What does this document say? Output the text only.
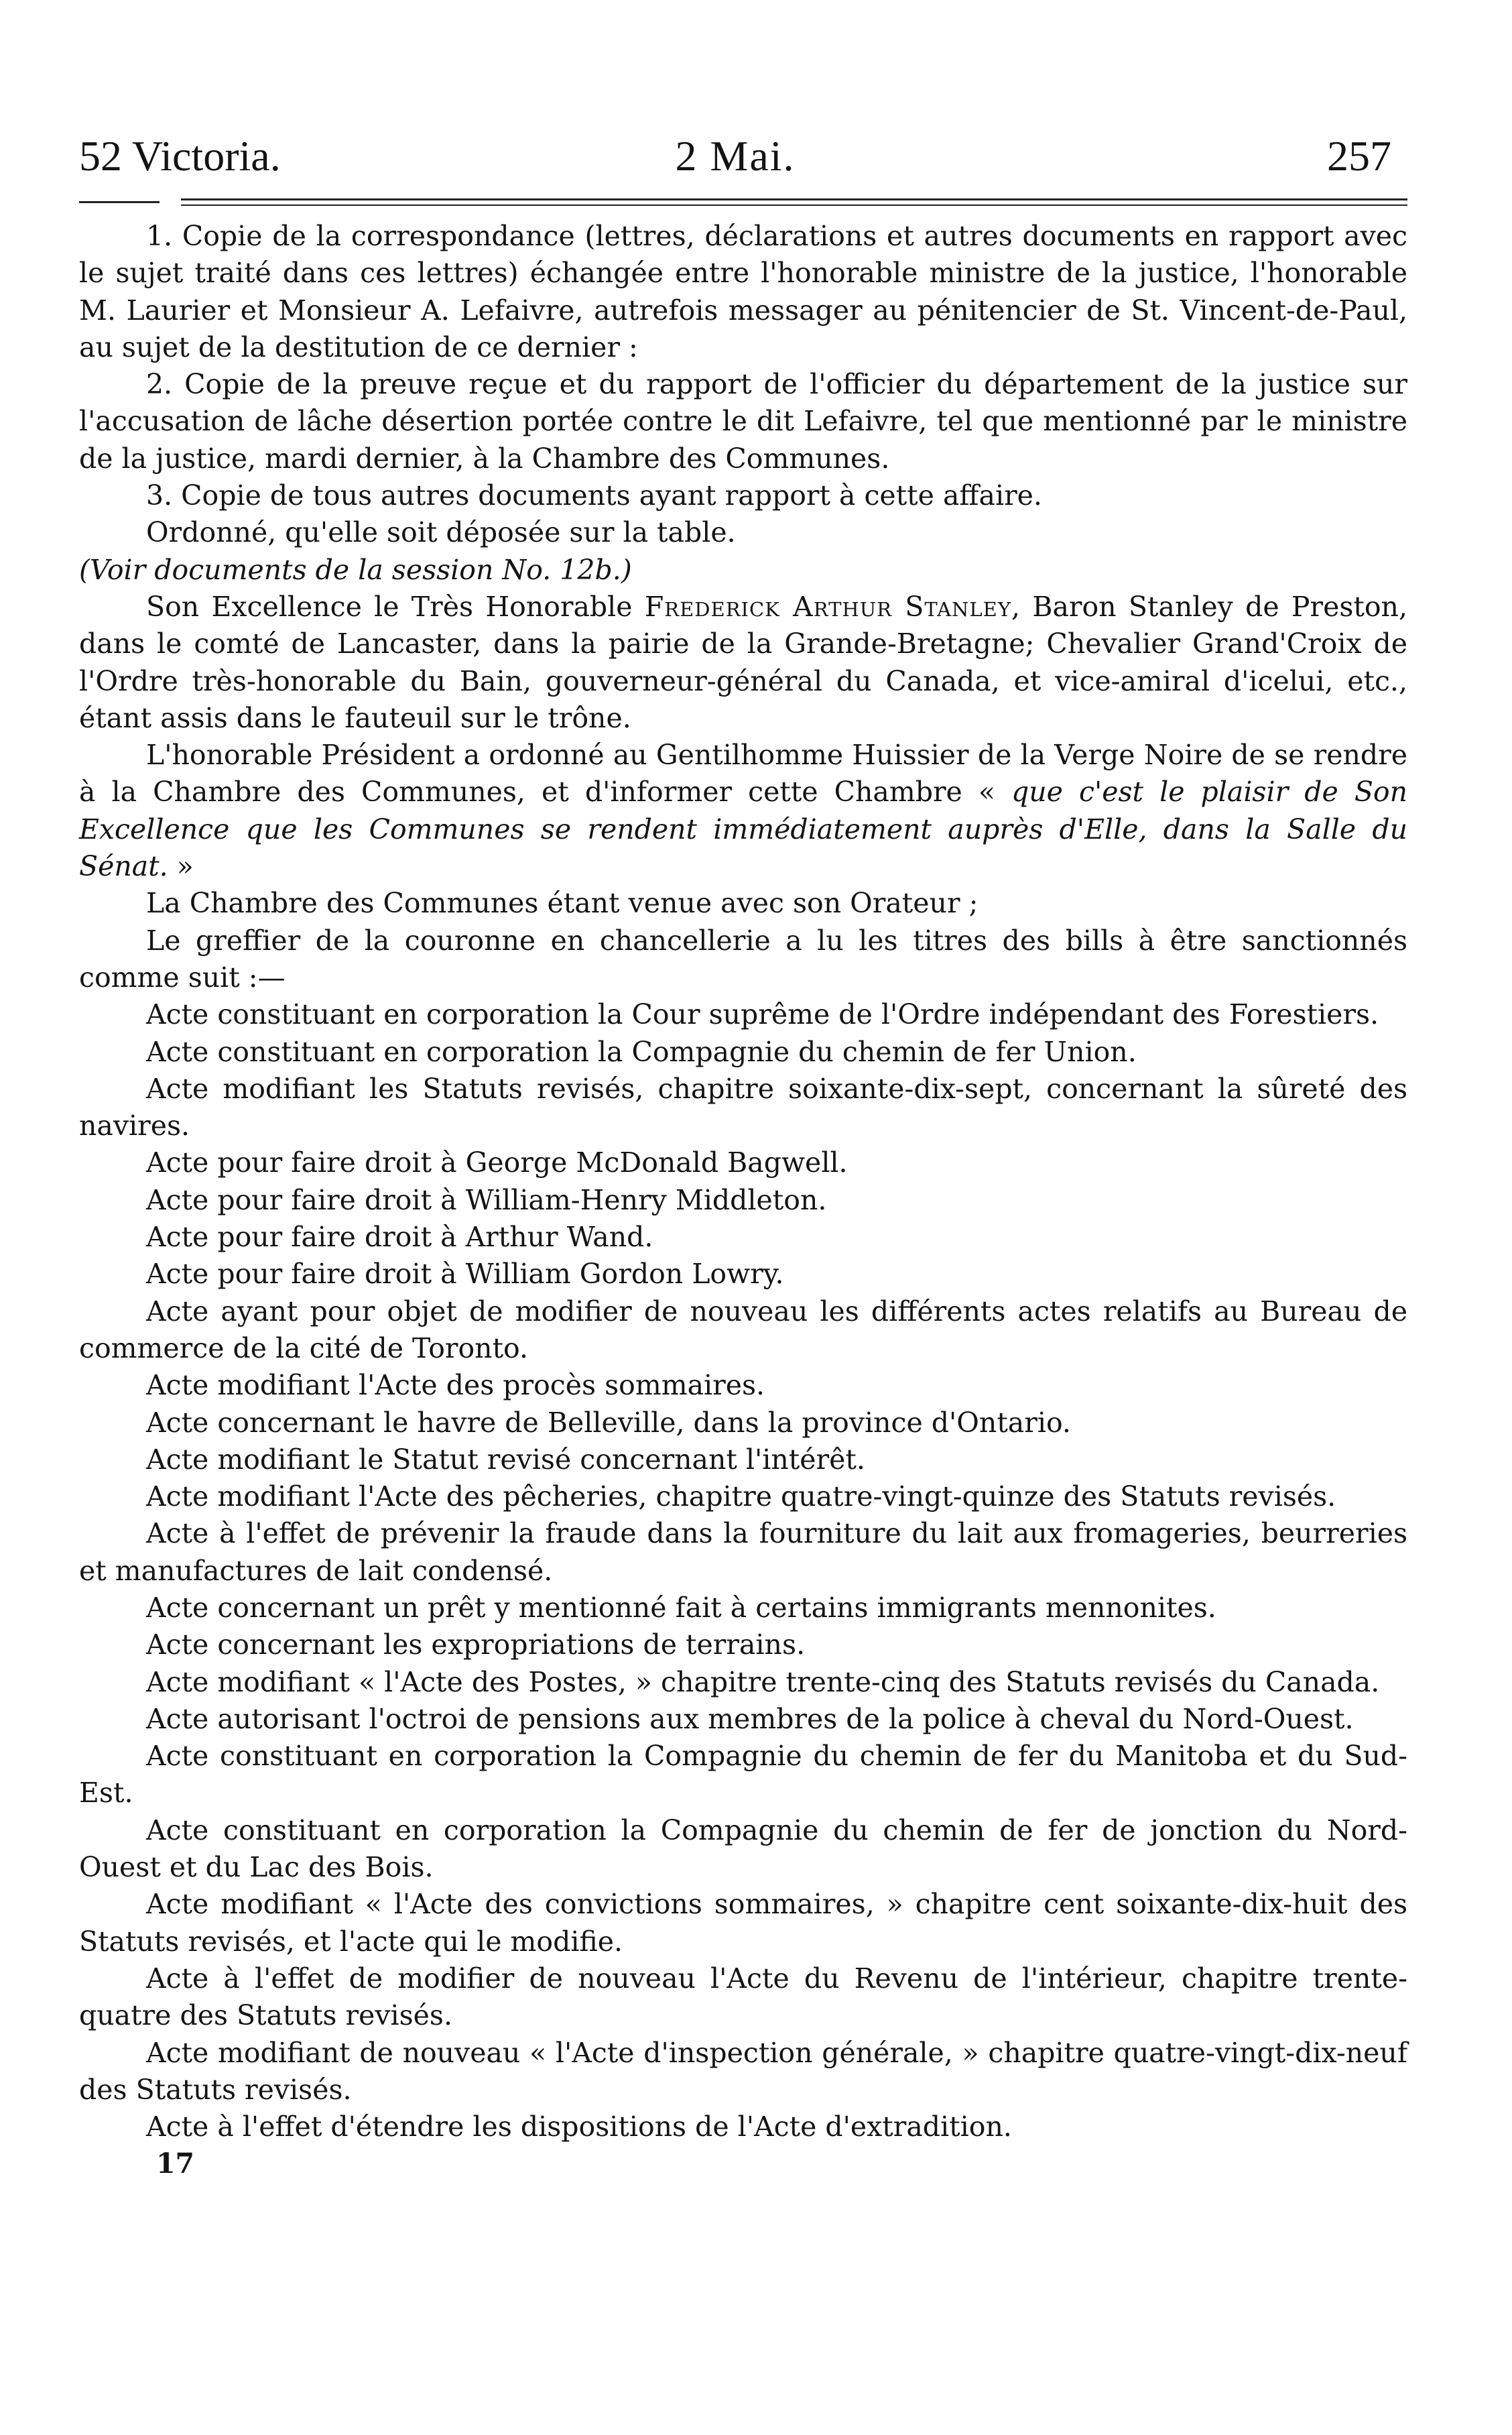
52 Victoria.	2 Mai.	257

1. Copie de la correspondance (lettres, déclarations et autres documents en rapport avec le sujet traité dans ces lettres) échangée entre l'honorable ministre de la justice, l'honorable M. Laurier et Monsieur A. Lefaivre, autrefois messager au pénitencier de St. Vincent-de-Paul, au sujet de la destitution de ce dernier :

2. Copie de la preuve reçue et du rapport de l'officier du département de la justice sur l'accusation de lâche désertion portée contre le dit Lefaivre, tel que mentionné par le ministre de la justice, mardi dernier, à la Chambre des Communes.

3. Copie de tous autres documents ayant rapport à cette affaire.

Ordonné, qu'elle soit déposée sur la table.

(Voir documents de la session No. 12b.)

Son Excellence le Très Honorable Frederick Arthur Stanley, Baron Stanley de Preston, dans le comté de Lancaster, dans la pairie de la Grande-Bretagne; Chevalier Grand'Croix de l'Ordre très-honorable du Bain, gouverneur-général du Canada, et vice-amiral d'icelui, etc., étant assis dans le fauteuil sur le trône.

L'honorable Président a ordonné au Gentilhomme Huissier de la Verge Noire de se rendre à la Chambre des Communes, et d'informer cette Chambre « que c'est le plaisir de Son Excellence que les Communes se rendent immédiatement auprès d'Elle, dans la Salle du Sénat. »

La Chambre des Communes étant venue avec son Orateur ;

Le greffier de la couronne en chancellerie a lu les titres des bills à être sanctionnés comme suit :—

Acte constituant en corporation la Cour suprême de l'Ordre indépendant des Forestiers.

Acte constituant en corporation la Compagnie du chemin de fer Union.

Acte modifiant les Statuts revisés, chapitre soixante-dix-sept, concernant la sûreté des navires.

Acte pour faire droit à George McDonald Bagwell.

Acte pour faire droit à William-Henry Middleton.

Acte pour faire droit à Arthur Wand.

Acte pour faire droit à William Gordon Lowry.

Acte ayant pour objet de modifier de nouveau les différents actes relatifs au Bureau de commerce de la cité de Toronto.

Acte modifiant l'Acte des procès sommaires.

Acte concernant le havre de Belleville, dans la province d'Ontario.

Acte modifiant le Statut revisé concernant l'intérêt.

Acte modifiant l'Acte des pêcheries, chapitre quatre-vingt-quinze des Statuts revisés.

Acte à l'effet de prévenir la fraude dans la fourniture du lait aux fromageries, beurreries et manufactures de lait condensé.

Acte concernant un prêt y mentionné fait à certains immigrants mennonites.

Acte concernant les expropriations de terrains.

Acte modifiant « l'Acte des Postes, » chapitre trente-cinq des Statuts revisés du Canada.

Acte autorisant l'octroi de pensions aux membres de la police à cheval du Nord-Ouest.

Acte constituant en corporation la Compagnie du chemin de fer du Manitoba et du Sud-Est.

Acte constituant en corporation la Compagnie du chemin de fer de jonction du Nord-Ouest et du Lac des Bois.

Acte modifiant « l'Acte des convictions sommaires, » chapitre cent soixante-dix-huit des Statuts revisés, et l'acte qui le modifie.

Acte à l'effet de modifier de nouveau l'Acte du Revenu de l'intérieur, chapitre trente-quatre des Statuts revisés.

Acte modifiant de nouveau « l'Acte d'inspection générale, » chapitre quatre-vingt-dix-neuf des Statuts revisés.

Acte à l'effet d'étendre les dispositions de l'Acte d'extradition.

17
